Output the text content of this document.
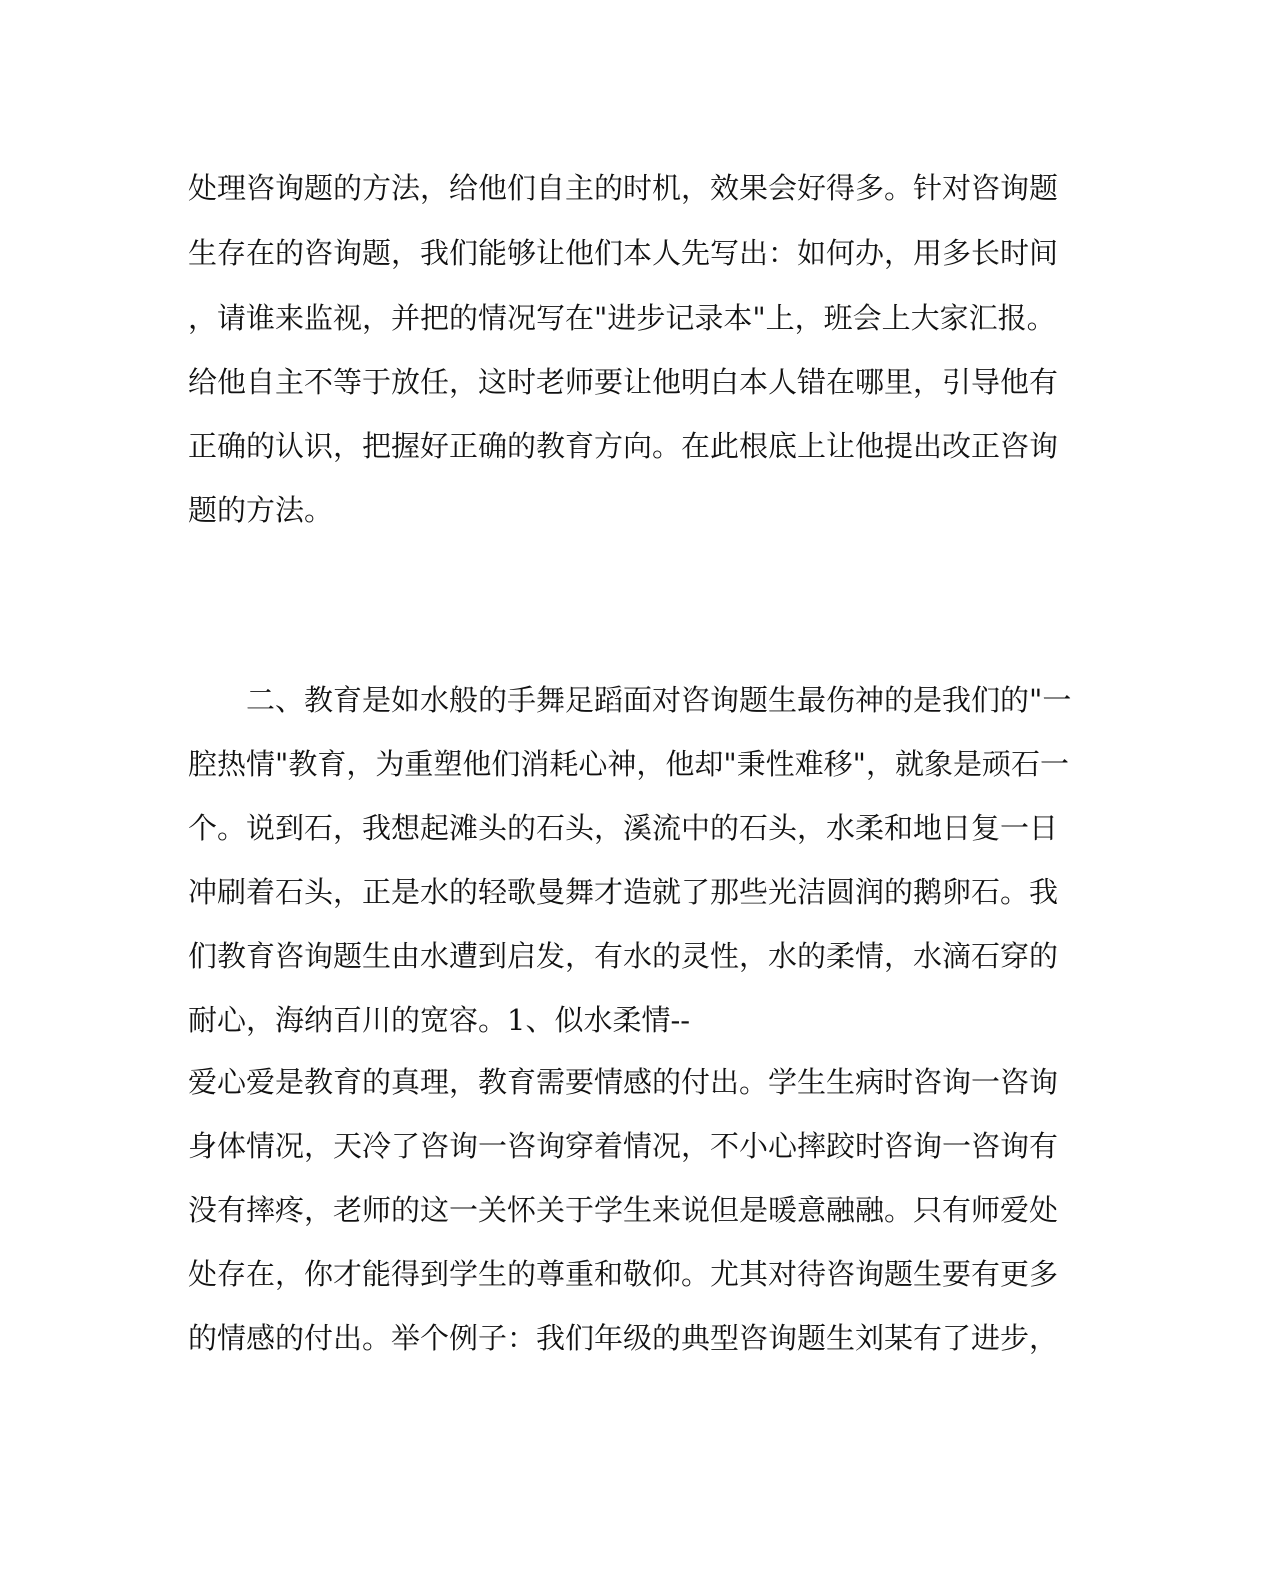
处理咨询题的方法，给他们自主的时机，效果会好得多。针对咨询题

生存在的咨询题，我们能够让他们本人先写出：如何办，用多长时间

，请谁来监视，并把的情况写在"进步记录本"上，班会上大家汇报。

给他自主不等于放任，这时老师要让他明白本人错在哪里，引导他有

正确的认识，把握好正确的教育方向。在此根底上让他提出改正咨询

题的方法。

二、教育是如水般的手舞足蹈面对咨询题生最伤神的是我们的"一

腔热情"教育，为重塑他们消耗心神，他却"秉性难移"，就象是顽石一

个。说到石，我想起滩头的石头，溪流中的石头，水柔和地日复一日

冲刷着石头，正是水的轻歌曼舞才造就了那些光洁圆润的鹅卵石。我

们教育咨询题生由水遭到启发，有水的灵性，水的柔情，水滴石穿的

耐心，海纳百川的宽容。1、似水柔情--

爱心爱是教育的真理，教育需要情感的付出。学生生病时咨询一咨询

身体情况，天冷了咨询一咨询穿着情况，不小心摔跤时咨询一咨询有

没有摔疼，老师的这一关怀关于学生来说但是暖意融融。只有师爱处

处存在，你才能得到学生的尊重和敬仰。尤其对待咨询题生要有更多

的情感的付出。举个例子：我们年级的典型咨询题生刘某有了进步，
